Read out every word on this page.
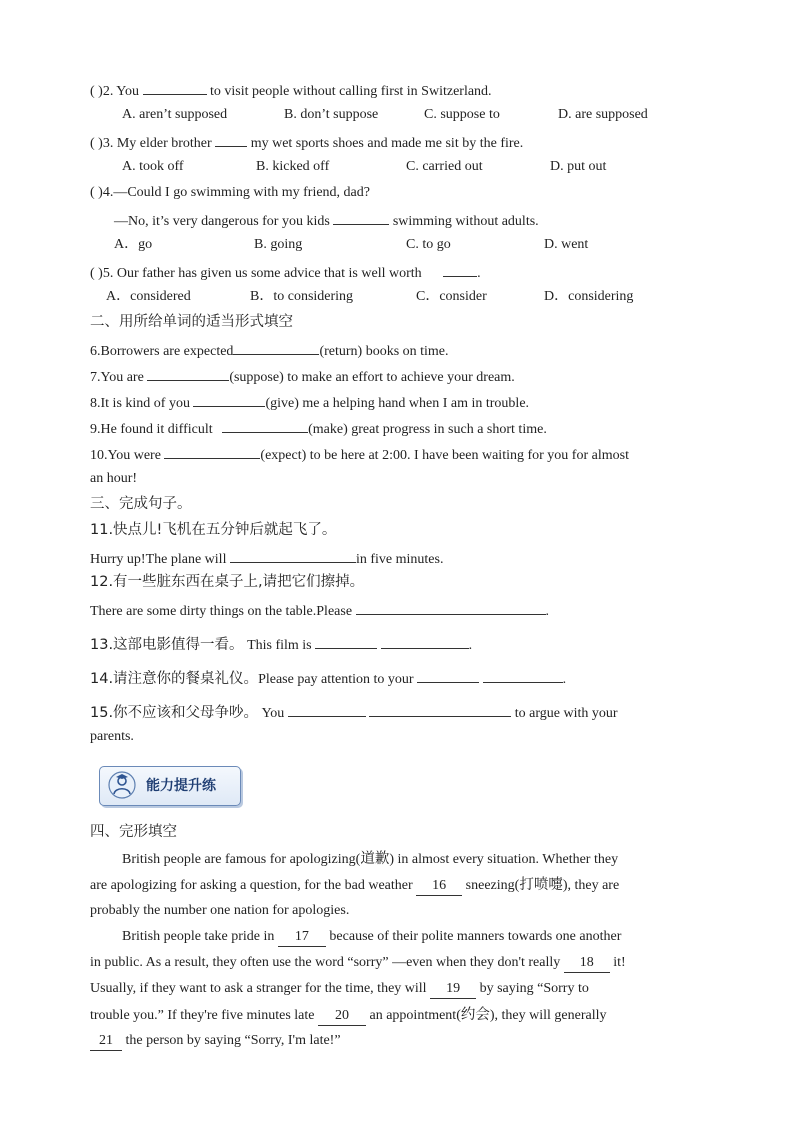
( )2. You	to visit people without calling first in Switzerland.
A. aren’t supposed	B. don’t suppose	C. suppose to	D. are supposed
( )3. My elder brother	my wet sports shoes and made me sit by the fire.
A. took off	B. kicked off	C. carried out	D. put out
( )4.—Could I go swimming with my friend, dad?
—No, it’s very dangerous for you kids	swimming without adults.
A．go	B. going	C. to go	D. went
( )5. Our father has given us some advice that is well worth	.
A．considered	B．to considering	C．consider	D．considering
二、用所给单词的适当形式填空
6.Borrowers are expected	(return) books on time.
7.You are	(suppose) to make an effort to achieve your dream.
8.It is kind of you	(give) me a helping hand when I am in trouble.
9.He found it difficult	(make) great progress in such a short time.
10.You were	(expect) to be here at 2:00. I have been waiting for you for almost
an hour!
三、完成句子。
11.快点儿!飞机在五分钟后就起飞了。
Hurry up!The plane will	in five minutes.
12.有一些脏东西在桌子上,请把它们擦掉。
There are some dirty things on the table.Please	.
13.这部电影值得一看。 This film is	.
14.请注意你的餐桌礼仪。Please pay attention to your	.
15.你不应该和父母争吵。 You	to argue with your
parents.
能力提升练
四、完形填空
British people are famous for apologizing(道歉) in almost every situation. Whether they
are apologizing for asking a question, for the bad weather 16 sneezing(打喷嚏), they are
probably the number one nation for apologies.
British people take pride in 17 because of their polite manners towards one another
in public. As a result, they often use the word “sorry” —even when they don't really 18 it!
Usually, if they want to ask a stranger for the time, they will 19 by saying “Sorry to
trouble you.” If they're five minutes late 20 an appointment(约会), they will generally
21 the person by saying “Sorry, I'm late!”
